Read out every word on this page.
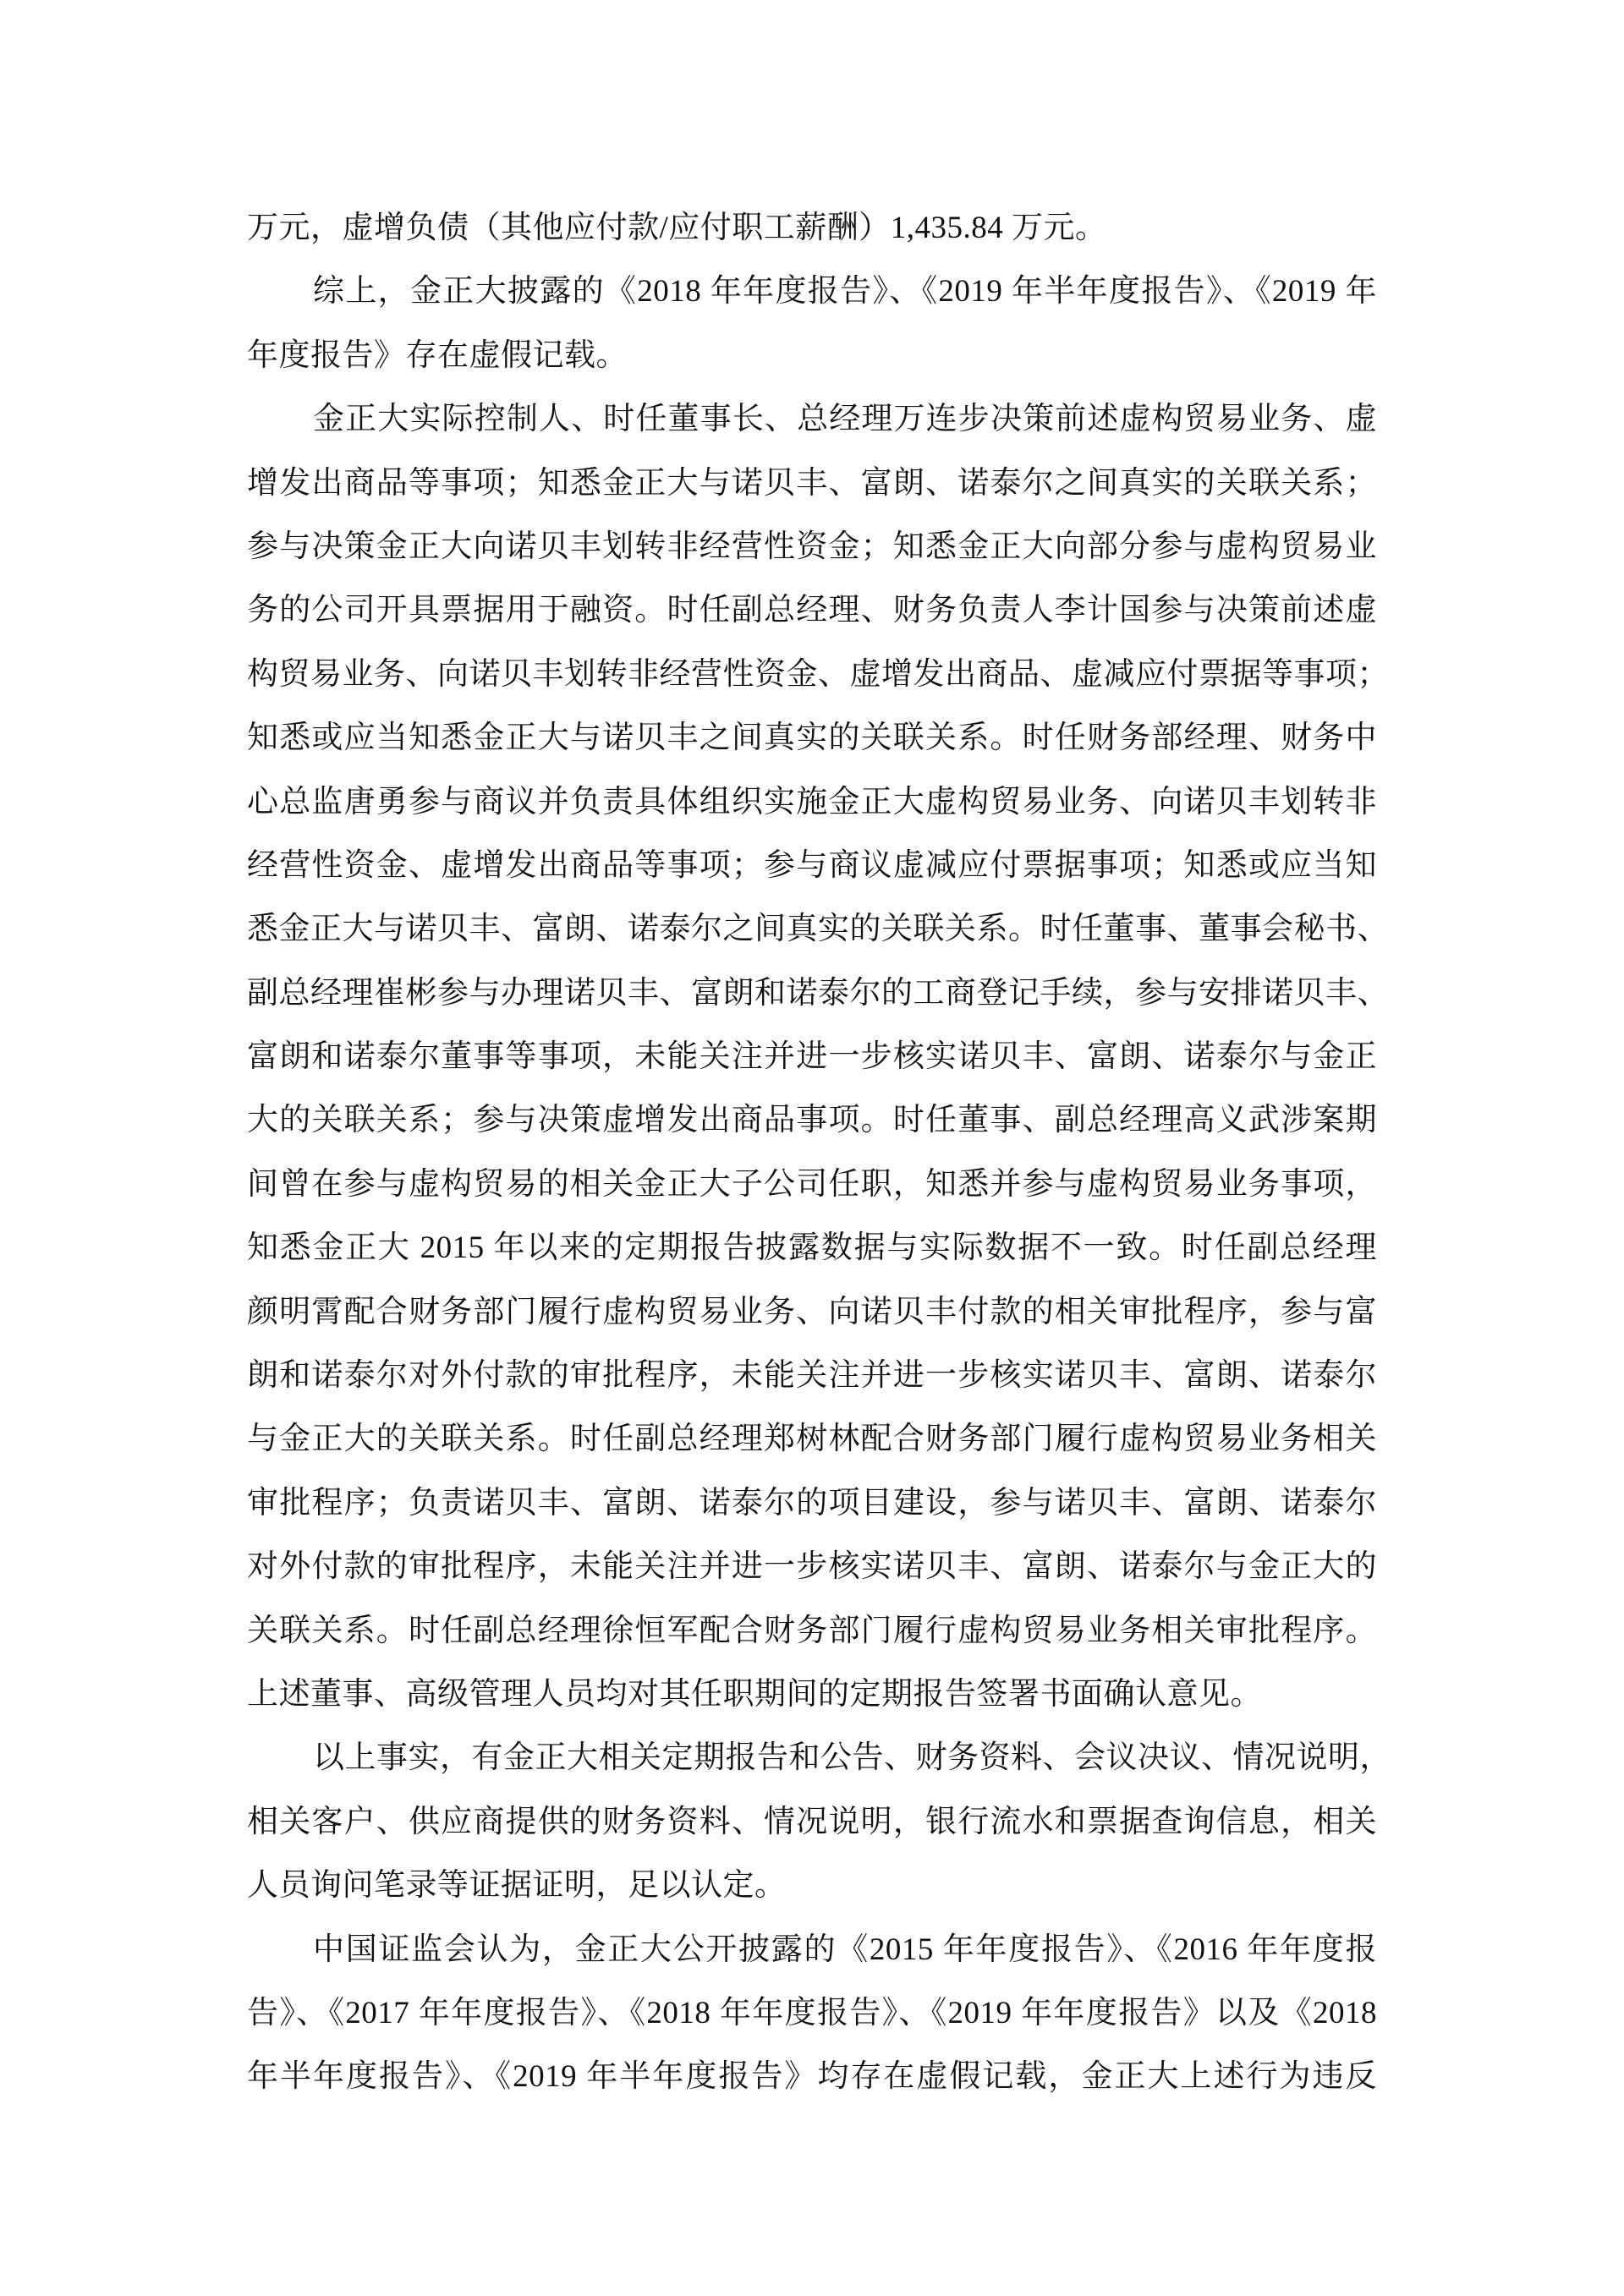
万元，虚增负债（其他应付款/应付职工薪酬）1,435.84 万元。
综上，金正大披露的《2018 年年度报告》、《2019 年半年度报告》、《2019 年
年度报告》存在虚假记载。
金正大实际控制人、时任董事长、总经理万连步决策前述虚构贸易业务、虚
增发出商品等事项；知悉金正大与诺贝丰、富朗、诺泰尔之间真实的关联关系；
参与决策金正大向诺贝丰划转非经营性资金；知悉金正大向部分参与虚构贸易业
务的公司开具票据用于融资。时任副总经理、财务负责人李计国参与决策前述虚
构贸易业务、向诺贝丰划转非经营性资金、虚增发出商品、虚减应付票据等事项；
知悉或应当知悉金正大与诺贝丰之间真实的关联关系。时任财务部经理、财务中
心总监唐勇参与商议并负责具体组织实施金正大虚构贸易业务、向诺贝丰划转非
经营性资金、虚增发出商品等事项；参与商议虚减应付票据事项；知悉或应当知
悉金正大与诺贝丰、富朗、诺泰尔之间真实的关联关系。时任董事、董事会秘书、
副总经理崔彬参与办理诺贝丰、富朗和诺泰尔的工商登记手续，参与安排诺贝丰、
富朗和诺泰尔董事等事项，未能关注并进一步核实诺贝丰、富朗、诺泰尔与金正
大的关联关系；参与决策虚增发出商品事项。时任董事、副总经理高义武涉案期
间曾在参与虚构贸易的相关金正大子公司任职，知悉并参与虚构贸易业务事项，
知悉金正大 2015 年以来的定期报告披露数据与实际数据不一致。时任副总经理
颜明霄配合财务部门履行虚构贸易业务、向诺贝丰付款的相关审批程序，参与富
朗和诺泰尔对外付款的审批程序，未能关注并进一步核实诺贝丰、富朗、诺泰尔
与金正大的关联关系。时任副总经理郑树林配合财务部门履行虚构贸易业务相关
审批程序；负责诺贝丰、富朗、诺泰尔的项目建设，参与诺贝丰、富朗、诺泰尔
对外付款的审批程序，未能关注并进一步核实诺贝丰、富朗、诺泰尔与金正大的
关联关系。时任副总经理徐恒军配合财务部门履行虚构贸易业务相关审批程序。
上述董事、高级管理人员均对其任职期间的定期报告签署书面确认意见。
以上事实，有金正大相关定期报告和公告、财务资料、会议决议、情况说明，
相关客户、供应商提供的财务资料、情况说明，银行流水和票据查询信息，相关
人员询问笔录等证据证明，足以认定。
中国证监会认为，金正大公开披露的《2015 年年度报告》、《2016 年年度报
告》、《2017 年年度报告》、《2018 年年度报告》、《2019 年年度报告》以及《2018
年半年度报告》、《2019 年半年度报告》均存在虚假记载，金正大上述行为违反
